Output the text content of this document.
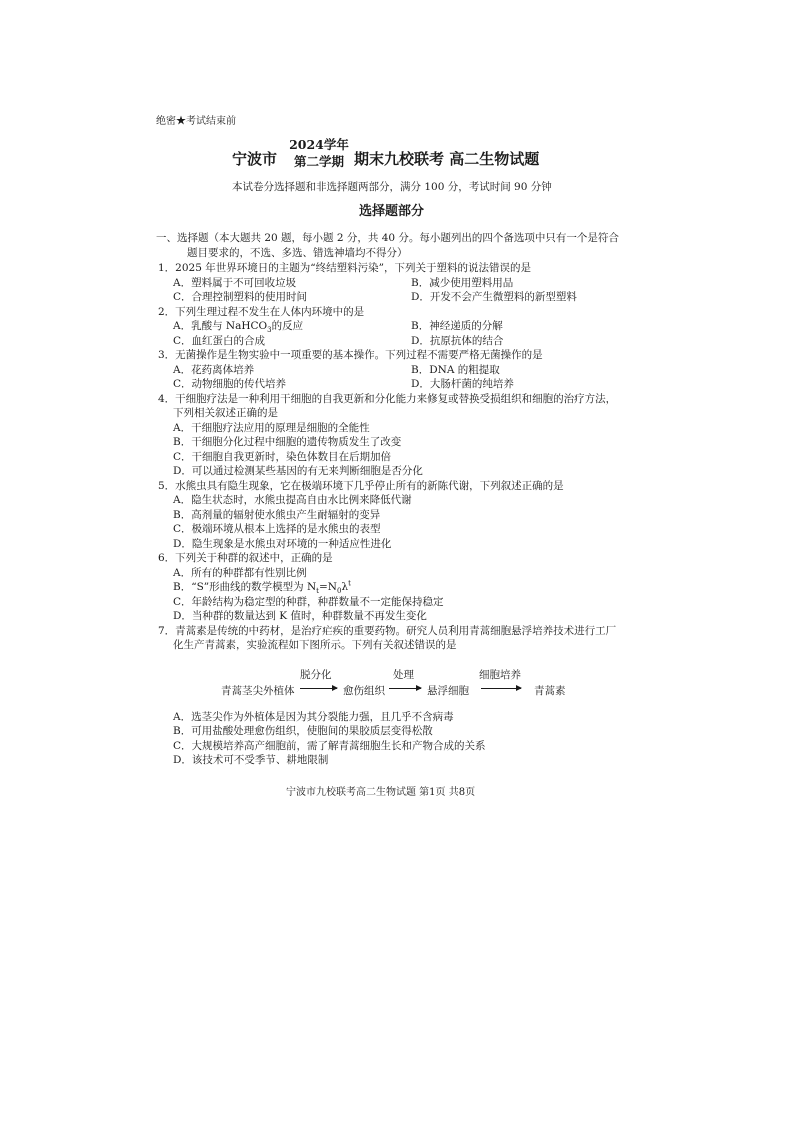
绝密★考试结束前
宁波市
2024学年
第二学期 期末九校联考 高二生物试题
本试卷分选择题和非选择题两部分，满分 100 分，考试时间 90 分钟
选择题部分
一、选择题（本大题共 20 题，每小题 2 分，共 40 分。每小题列出的四个备选项中只有一个是符合
题目要求的，不选、多选、错选神墙均不得分）
1．2025 年世界环境日的主题为“终结塑料污染”，下列关于塑料的说法错误的是
A．塑料属于不可回收垃圾	B．减少使用塑料用品
C．合理控制塑料的使用时间	D．开发不会产生微塑料的新型塑料
2．下列生理过程不发生在人体内环境中的是
A．乳酸与 NaHCO$_3$的反应	B．神经递质的分解
C．血红蛋白的合成	D．抗原抗体的结合
3．无菌操作是生物实验中一项重要的基本操作。下列过程不需要严格无菌操作的是
A．花药离体培养	B．DNA 的粗提取
C．动物细胞的传代培养	D．大肠杆菌的纯培养
4．干细胞疗法是一种利用干细胞的自我更新和分化能力来修复或替换受损组织和细胞的治疗方法，
下列相关叙述正确的是
A．干细胞疗法应用的原理是细胞的全能性
B．干细胞分化过程中细胞的遗传物质发生了改变
C．干细胞自我更新时，染色体数目在后期加倍
D．可以通过检测某些基因的有无来判断细胞是否分化
5．水熊虫具有隐生现象，它在极端环境下几乎停止所有的新陈代谢，下列叙述正确的是
A．隐生状态时，水熊虫提高自由水比例来降低代谢
B．高剂量的辐射使水熊虫产生耐辐射的变异
C．极端环境从根本上选择的是水熊虫的表型
D．隐生现象是水熊虫对环境的一种适应性进化
6．下列关于种群的叙述中，正确的是
A．所有的种群都有性别比例
B．“S”形曲线的数学模型为 $N_t=N_0\lambda^t$
C．年龄结构为稳定型的种群，种群数量不一定能保持稳定
D．当种群的数量达到 K 值时，种群数量不再发生变化
7．青蒿素是传统的中药材，是治疗疟疾的重要药物。研究人员利用青蒿细胞悬浮培养技术进行工厂
化生产青蒿素，实验流程如下图所示。下列有关叙述错误的是
青蒿茎尖外植体
脱分化
愈伤组织
处理
悬浮细胞
细胞培养
青蒿素
A．选茎尖作为外植体是因为其分裂能力强，且几乎不含病毒
B．可用盐酸处理愈伤组织，使胞间的果胶质层变得松散
C．大规模培养高产细胞前，需了解青蒿细胞生长和产物合成的关系
D．该技术可不受季节、耕地限制
宁波市九校联考高二生物试题 第1页 共8页
